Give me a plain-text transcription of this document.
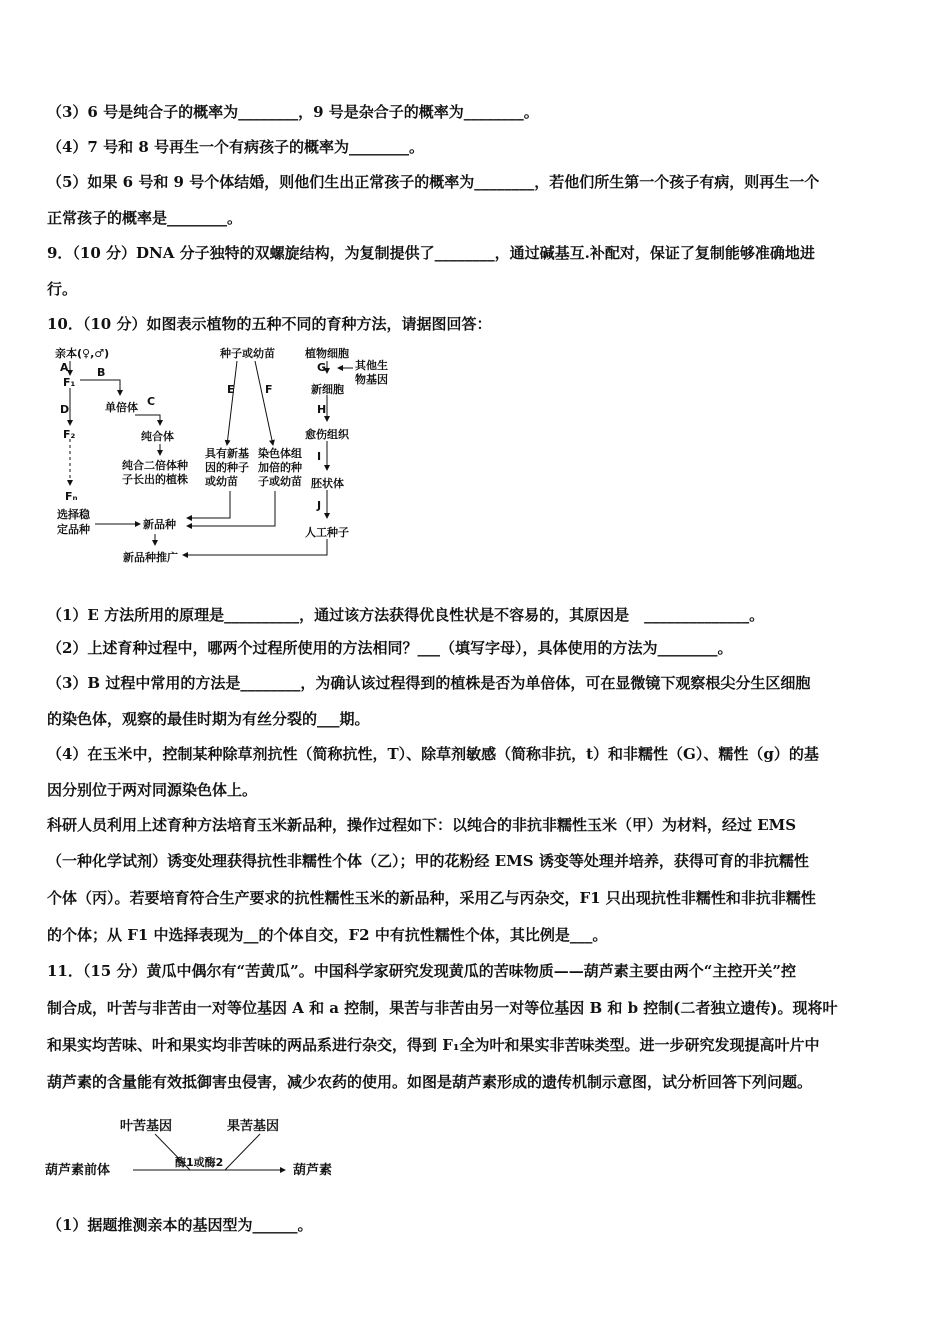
（3）6 号是纯合子的概率为________，9 号是杂合子的概率为________。
（4）7 号和 8 号再生一个有病孩子的概率为________。
（5）如果 6 号和 9 号个体结婚，则他们生出正常孩子的概率为________，若他们所生第一个孩子有病，则再生一个
正常孩子的概率是________。
9．（10 分）DNA 分子独特的双螺旋结构，为复制提供了________，通过碱基互.补配对，保证了复制能够准确地进
行。
10．（10 分）如图表示植物的五种不同的育种方法，请据图回答：
（1）E 方法所用的原理是__________，通过该方法获得优良性状是不容易的，其原因是　______________。
（2）上述育种过程中，哪两个过程所使用的方法相同？___（填写字母），具体使用的方法为________。
（3）B 过程中常用的方法是________，为确认该过程得到的植株是否为单倍体，可在显微镜下观察根尖分生区细胞
的染色体，观察的最佳时期为有丝分裂的___期。
（4）在玉米中，控制某种除草剂抗性（简称抗性，T）、除草剂敏感（简称非抗，t）和非糯性（G）、糯性（g）的基
因分别位于两对同源染色体上。
科研人员利用上述育种方法培育玉米新品种，操作过程如下：以纯合的非抗非糯性玉米（甲）为材料，经过 EMS
（一种化学试剂）诱变处理获得抗性非糯性个体（乙）；甲的花粉经 EMS 诱变等处理并培养，获得可育的非抗糯性
个体（丙）。若要培育符合生产要求的抗性糯性玉米的新品种，采用乙与丙杂交，F1 只出现抗性非糯性和非抗非糯性
的个体；从 F1 中选择表现为__的个体自交，F2 中有抗性糯性个体，其比例是___。
11．（15 分）黄瓜中偶尔有“苦黄瓜”。中国科学家研究发现黄瓜的苦味物质——葫芦素主要由两个“主控开关”控
制合成，叶苦与非苦由一对等位基因 A 和 a 控制，果苦与非苦由另一对等位基因 B 和 b 控制(二者独立遗传)。现将叶
和果实均苦味、叶和果实均非苦味的两品系进行杂交，得到 F₁全为叶和果实非苦味类型。进一步研究发现提高叶片中
葫芦素的含量能有效抵御害虫侵害，减少农药的使用。如图是葫芦素形成的遗传机制示意图，试分析回答下列问题。
（1）据题推测亲本的基因型为______。
亲本(♀,♂)
A
F₁
B
单倍体 C
D
纯合体
F₂
纯合二倍体种
子长出的植株
Fₙ
选择稳
定品种	新品种
新品种推广
种子或幼苗
E	F
具有新基
因的种子
或幼苗
染色体组
加倍的种
子或幼苗
植物细胞
G	其他生
物基因
新细胞
H
愈伤组织
I
胚状体
J
人工种子
叶苦基因	果苦基因
葫芦素前体
酶1或酶2
葫芦素
